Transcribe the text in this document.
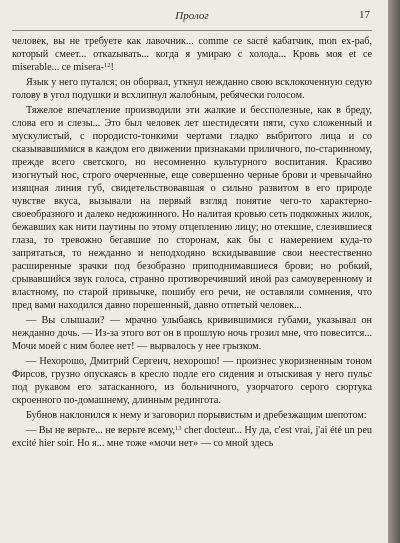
Пролог	17

человек, вы не требуете как лавочник... comme ce sacré кабатчик, mon ex-раб, который смеет... откazывать... когда я умираю с холода... Кровь моя et ce miserable... ce misera-$^{12}$!

Язык у него путался; он оборвал, уткнул нежданно свою всклокоченную седую голову в угол подушки и всхлипнул жалобным, ребячески голосом.

Тяжелое впечатление производили эти жалкие и бессполезные, как в бреду, слова его и слезы... Это был человек лет шестидесяти пяти, сухо сложенный и мускулистый, с породисто-тонкими чертами гладко выбритого лица и со сказывавшимися в каждом его движении признаками приличного, по-старинному, прежде всего светского, но несомненно культурного воспитания. Красиво изогнутый нос, строго очерченные, еще совершенно черные брови и чревычайно изящная линия губ, свидетельствовавшая о сильно развитом в его природе чувстве вкуса, вызывали на первый взгляд понятие чего-то характерно-своеобразного и далеко недюжинного. Но налитая кровью сеть подкожных жилок, бежавших как нити паутины по этому отцеплению лицу; но отекшие, слезившиеся глаза, то тревожно бегавшие по сторонам, как бы с намерением куда-то запрятаться, то нежданно и неподходяно вскидывавшие свои неестественно расширенные зрачки под безобразно приподнимавшиеся брови; но робкий, срывавшийся звук голоса, странно противоречивший иной раз самоуверенному и властному, по старой привычке, пошибу его речи, не оставляли сомнения, что пред вами находился давно порешенный, давно отпетый человек...

— Вы слышали? — мрачно улыбаясь кривившимися губами, указывал он нежданно дочь. — Из-за этого вот он в прошлую ночь грозил мне, что повесится... Мочи моей с ним более нет! — вырвалось у нее грызком.

— Нехорошо, Дмитрий Сергеич, нехорошо! — произнес укоризненным тоном Фирсов, грузно опускаясь в кресло подле его сидения и отыскивая у него пульс под рукавом его затасканного, из больничного, узорчатого серого сюртука скроенного по-домашнему, длинным редингота.

Бубнов наклонился к нему и заговорил порывистым и дребезжащим шепотом:

— Вы не верьте... не верьте всему,$^{13}$ cher docteur... Ну да, c'est vrai, j'ai été un peu excité hier soir. Но я... мне тоже «мочи нет» — со мной здесь
